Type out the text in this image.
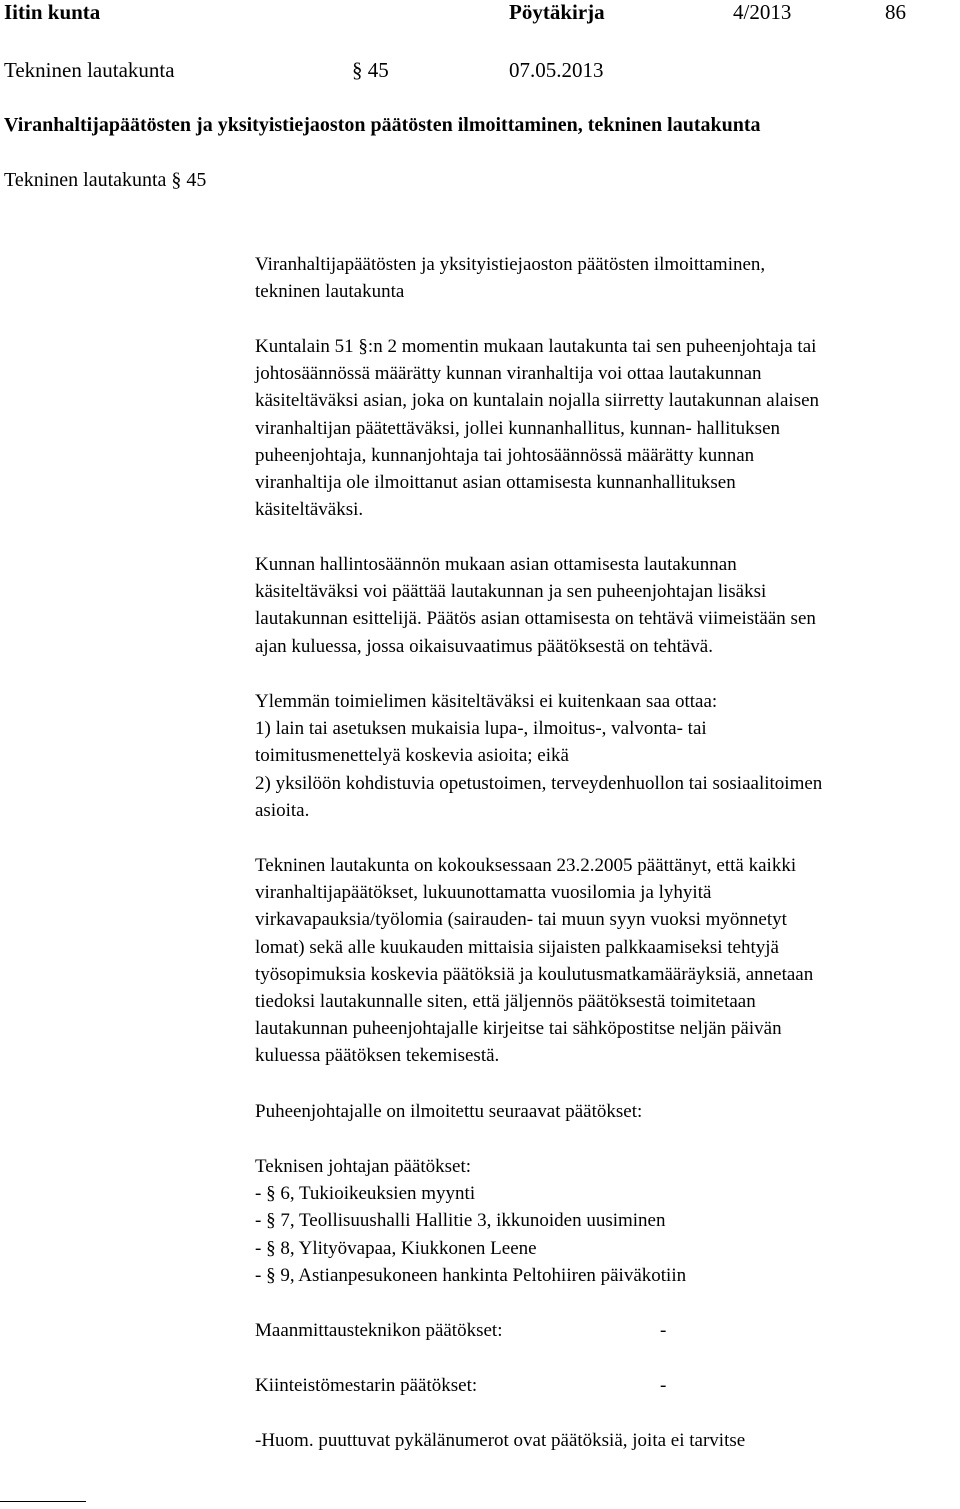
Iitin kunta	Pöytäkirja	4/2013	86
Tekninen lautakunta	§ 45	07.05.2013
Viranhaltijapäätösten ja yksityistiejaoston päätösten ilmoittaminen, tekninen lautakunta
Tekninen lautakunta § 45
Viranhaltijapäätösten ja yksityistiejaoston päätösten ilmoittaminen,
tekninen lautakunta
Kuntalain 51 §:n 2 momentin mukaan lautakunta tai sen puheenjohtaja tai
johtosäännössä määrätty kunnan viranhaltija voi ottaa lautakunnan
käsiteltäväksi asian, joka on kuntalain nojalla siirretty lautakunnan alaisen
viranhaltijan päätettäväksi, jollei kunnanhallitus, kunnan- hallituksen
puheenjohtaja, kunnanjohtaja tai johtosäännössä määrätty kunnan
viranhaltija ole ilmoittanut asian ottamisesta kunnanhallituksen
käsiteltäväksi.
Kunnan hallintosäännön mukaan asian ottamisesta lautakunnan
käsiteltäväksi voi päättää lautakunnan ja sen puheenjohtajan lisäksi
lautakunnan esittelijä. Päätös asian ottamisesta on tehtävä viimeistään sen
ajan kuluessa, jossa oikaisuvaatimus päätöksestä on tehtävä.
Ylemmän toimielimen käsiteltäväksi ei kuitenkaan saa ottaa:
1) lain tai asetuksen mukaisia lupa-, ilmoitus-, valvonta- tai
toimitusmenettelyä koskevia asioita; eikä
2) yksilöön kohdistuvia opetustoimen, terveydenhuollon tai sosiaalitoimen
asioita.
Tekninen lautakunta on kokouksessaan 23.2.2005 päättänyt, että kaikki
viranhaltijapäätökset, lukuunottamatta vuosilomia ja lyhyitä
virkavapauksia/työlomia (sairauden- tai muun syyn vuoksi myönnetyt
lomat) sekä alle kuukauden mittaisia sijaisten palkkaamiseksi tehtyjä
työsopimuksia koskevia päätöksiä ja koulutusmatkamääräyksiä, annetaan
tiedoksi lautakunnalle siten, että jäljennös päätöksestä toimitetaan
lautakunnan puheenjohtajalle kirjeitse tai sähköpostitse neljän päivän
kuluessa päätöksen tekemisestä.
Puheenjohtajalle on ilmoitettu seuraavat päätökset:
Teknisen johtajan päätökset:
- § 6, Tukioikeuksien myynti
- § 7, Teollisuushalli Hallitie 3, ikkunoiden uusiminen
- § 8, Ylityövapaa, Kiukkonen Leene
- § 9, Astianpesukoneen hankinta Peltohiiren päiväkotiin
Maanmittausteknikon päätökset:	-
Kiinteistömestarin päätökset:	-
-Huom. puuttuvat pykälänumerot ovat päätöksiä, joita ei tarvitse
